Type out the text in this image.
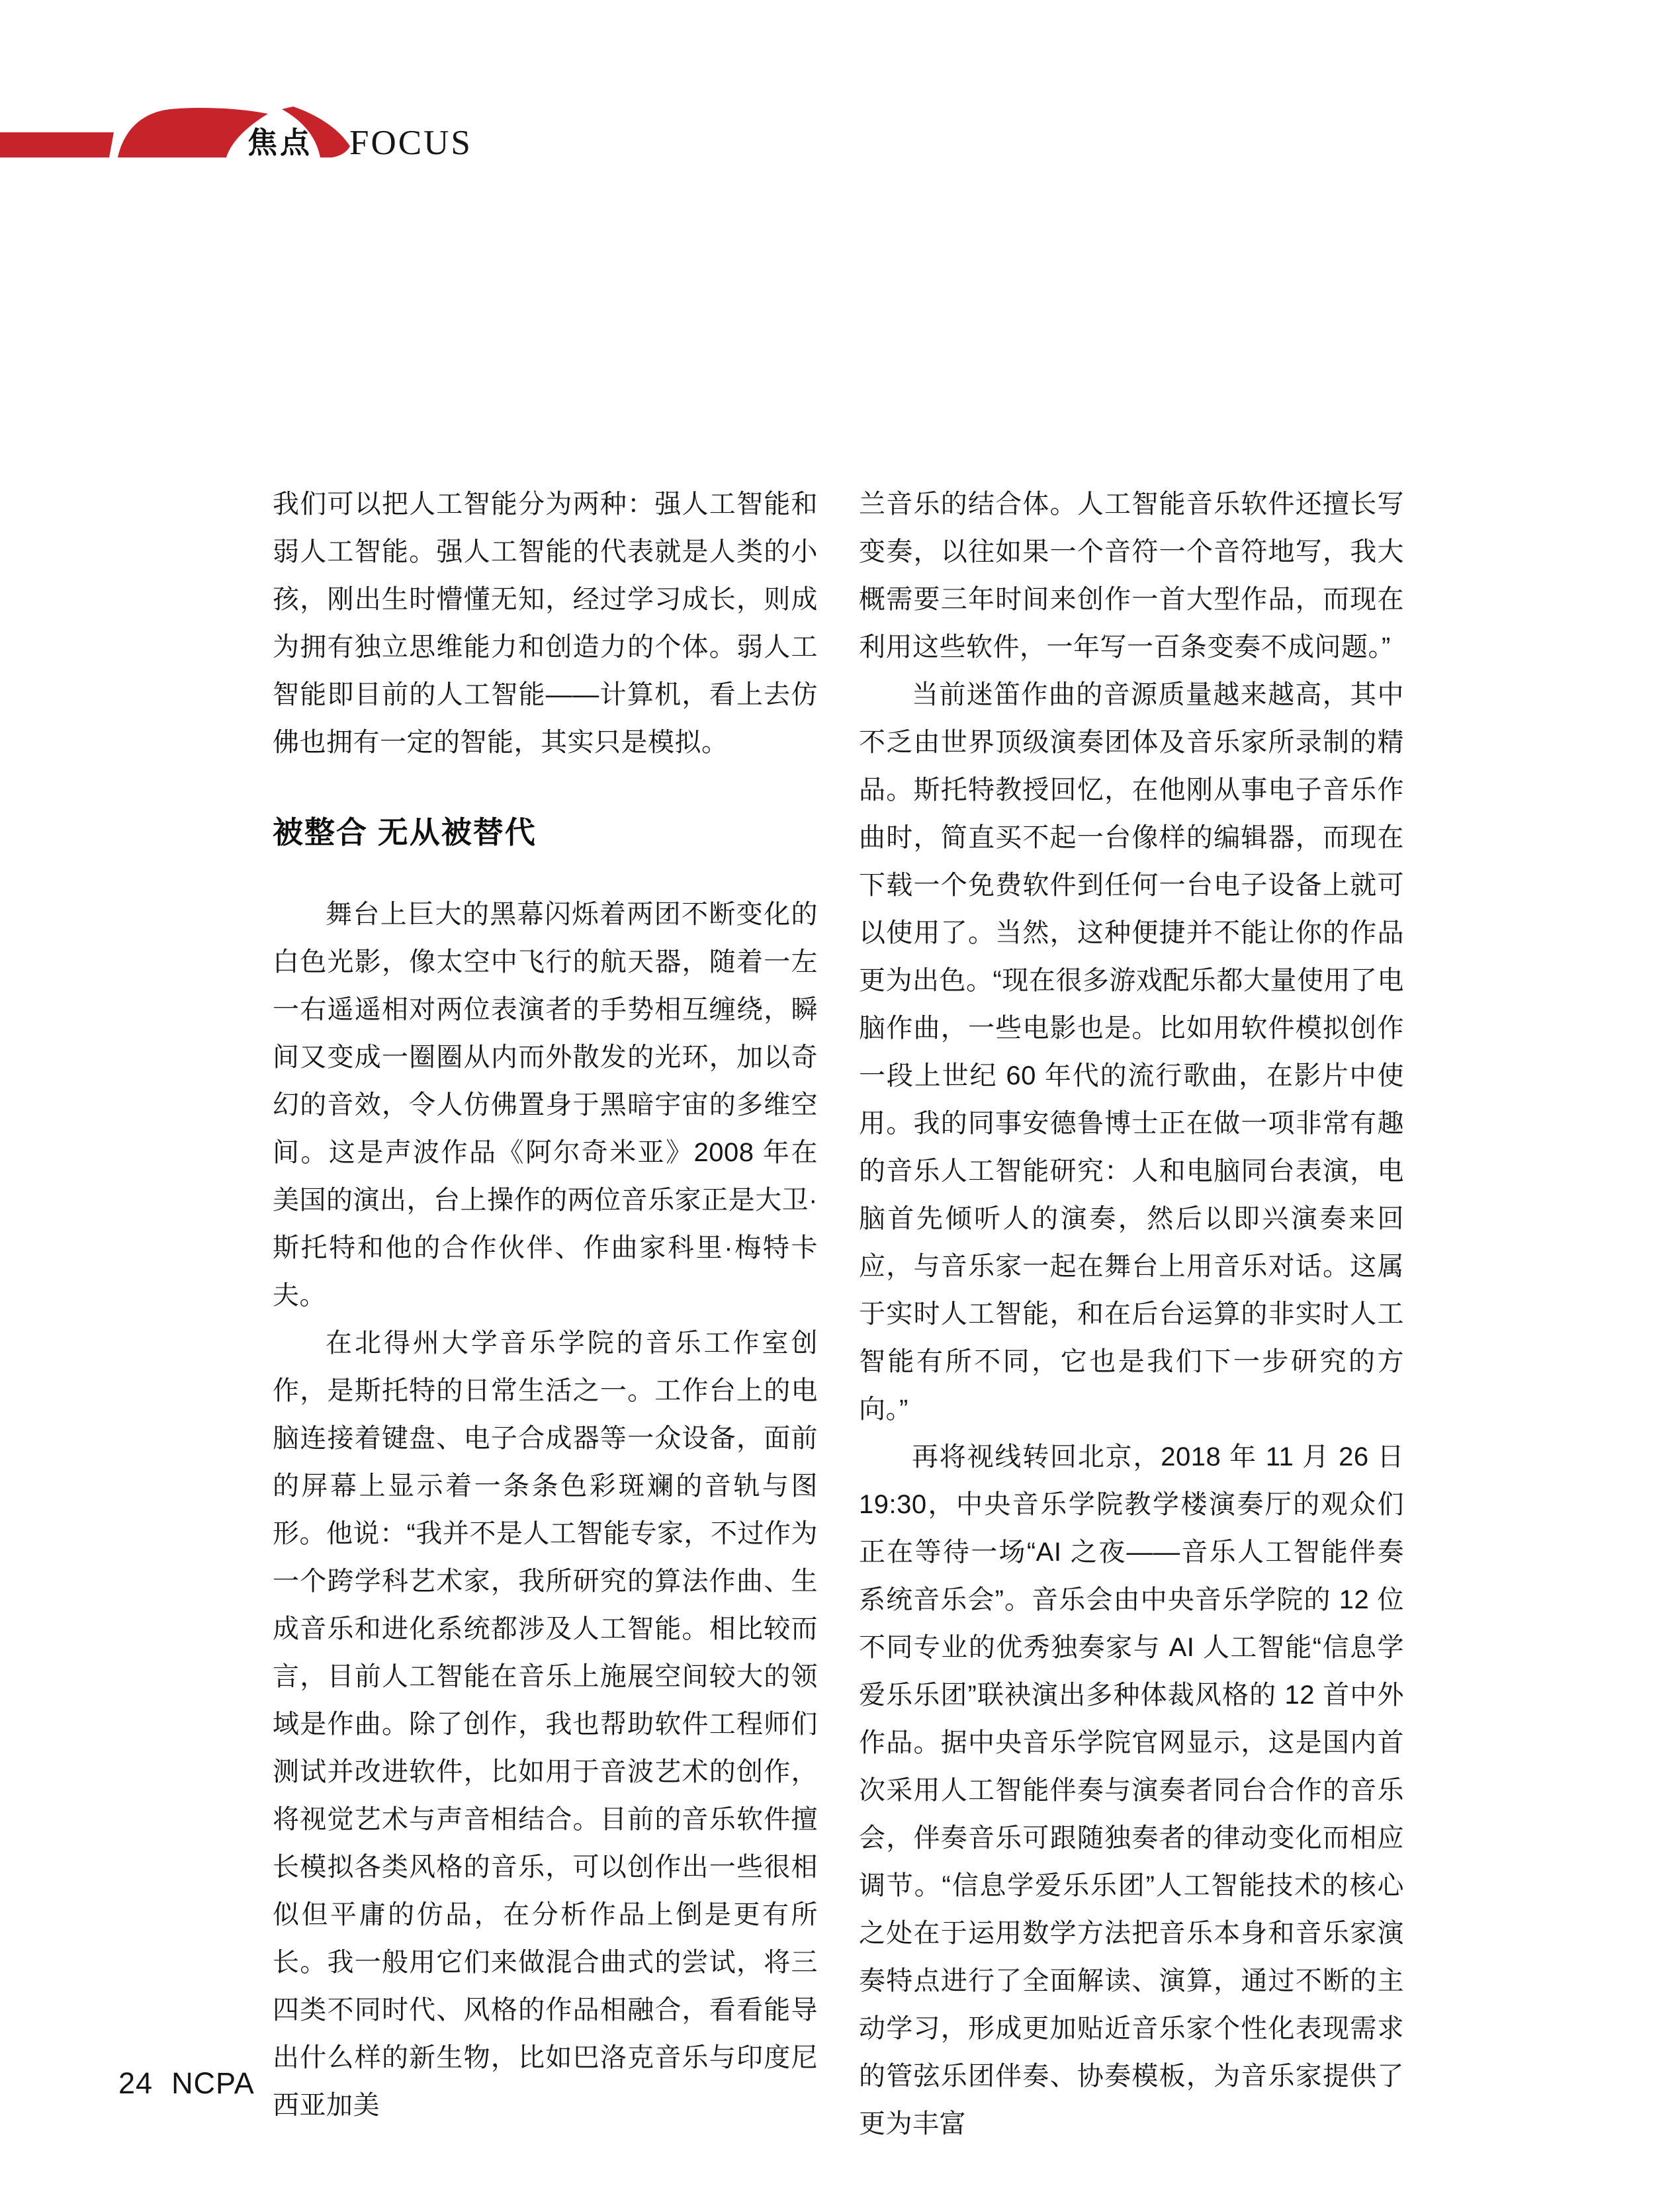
焦点 FOCUS

我们可以把人工智能分为两种：强人工智能和弱人工智能。强人工智能的代表就是人类的小孩，刚出生时懵懂无知，经过学习成长，则成为拥有独立思维能力和创造力的个体。弱人工智能即目前的人工智能——计算机，看上去仿佛也拥有一定的智能，其实只是模拟。

被整合 无从被替代

舞台上巨大的黑幕闪烁着两团不断变化的白色光影，像太空中飞行的航天器，随着一左一右遥遥相对两位表演者的手势相互缠绕，瞬间又变成一圈圈从内而外散发的光环，加以奇幻的音效，令人仿佛置身于黑暗宇宙的多维空间。这是声波作品《阿尔奇米亚》2008 年在美国的演出，台上操作的两位音乐家正是大卫·斯托特和他的合作伙伴、作曲家科里·梅特卡夫。

在北得州大学音乐学院的音乐工作室创作，是斯托特的日常生活之一。工作台上的电脑连接着键盘、电子合成器等一众设备，面前的屏幕上显示着一条条色彩斑斓的音轨与图形。他说：“我并不是人工智能专家，不过作为一个跨学科艺术家，我所研究的算法作曲、生成音乐和进化系统都涉及人工智能。相比较而言，目前人工智能在音乐上施展空间较大的领域是作曲。除了创作，我也帮助软件工程师们测试并改进软件，比如用于音波艺术的创作，将视觉艺术与声音相结合。目前的音乐软件擅长模拟各类风格的音乐，可以创作出一些很相似但平庸的仿品，在分析作品上倒是更有所长。我一般用它们来做混合曲式的尝试，将三四类不同时代、风格的作品相融合，看看能导出什么样的新生物，比如巴洛克音乐与印度尼西亚加美

兰音乐的结合体。人工智能音乐软件还擅长写变奏，以往如果一个音符一个音符地写，我大概需要三年时间来创作一首大型作品，而现在利用这些软件，一年写一百条变奏不成问题。”

当前迷笛作曲的音源质量越来越高，其中不乏由世界顶级演奏团体及音乐家所录制的精品。斯托特教授回忆，在他刚从事电子音乐作曲时，简直买不起一台像样的编辑器，而现在下载一个免费软件到任何一台电子设备上就可以使用了。当然，这种便捷并不能让你的作品更为出色。“现在很多游戏配乐都大量使用了电脑作曲，一些电影也是。比如用软件模拟创作一段上世纪 60 年代的流行歌曲，在影片中使用。我的同事安德鲁博士正在做一项非常有趣的音乐人工智能研究：人和电脑同台表演，电脑首先倾听人的演奏，然后以即兴演奏来回应，与音乐家一起在舞台上用音乐对话。这属于实时人工智能，和在后台运算的非实时人工智能有所不同，它也是我们下一步研究的方向。”

再将视线转回北京，2018 年 11 月 26 日 19:30，中央音乐学院教学楼演奏厅的观众们正在等待一场“AI 之夜——音乐人工智能伴奏系统音乐会”。音乐会由中央音乐学院的 12 位不同专业的优秀独奏家与 AI 人工智能“信息学爱乐乐团”联袂演出多种体裁风格的 12 首中外作品。据中央音乐学院官网显示，这是国内首次采用人工智能伴奏与演奏者同台合作的音乐会，伴奏音乐可跟随独奏者的律动变化而相应调节。“信息学爱乐乐团”人工智能技术的核心之处在于运用数学方法把音乐本身和音乐家演奏特点进行了全面解读、演算，通过不断的主动学习，形成更加贴近音乐家个性化表现需求的管弦乐团伴奏、协奏模板，为音乐家提供了更为丰富

24 NCPA
